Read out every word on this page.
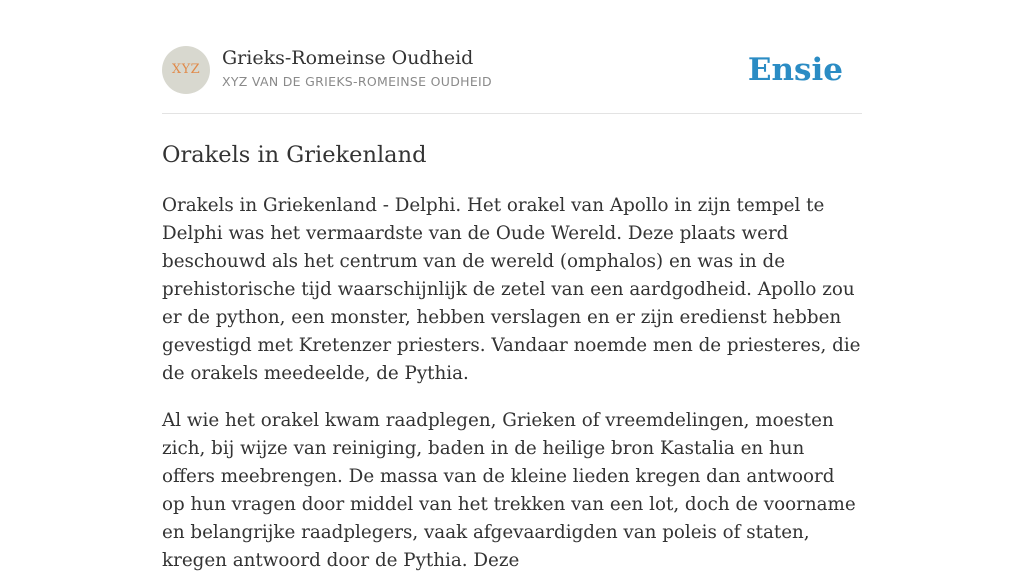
XYZ
Grieks-Romeinse Oudheid
XYZ VAN DE GRIEKS-ROMEINSE OUDHEID	Ensie
Orakels in Griekenland

Orakels in Griekenland - Delphi. Het orakel van Apollo in zijn tempel te Delphi was het vermaardste van de Oude Wereld. Deze plaats werd beschouwd als het centrum van de wereld (omphalos) en was in de prehistorische tijd waarschijnlijk de zetel van een aardgodheid. Apollo zou er de python, een monster, hebben verslagen en er zijn eredienst hebben gevestigd met Kretenzer priesters. Vandaar noemde men de priesteres, die de orakels meedeelde, de Pythia.

Al wie het orakel kwam raadplegen, Grieken of vreemdelingen, moesten zich, bij wijze van reiniging, baden in de heilige bron Kastalia en hun offers meebrengen. De massa van de kleine lieden kregen dan antwoord op hun vragen door middel van het trekken van een lot, doch de voorname en belangrijke raadplegers, vaak afgevaardigden van poleis of staten, kregen antwoord door de Pythia. Deze
